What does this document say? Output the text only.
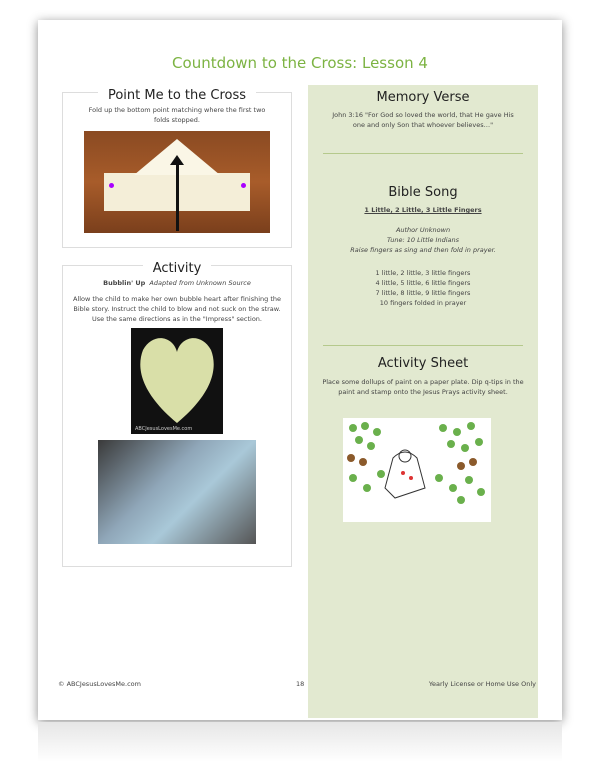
Countdown to the Cross: Lesson 4
Point Me to the Cross
Fold up the bottom point matching where the first two folds stopped.
Activity
Bubblin' Up Adapted from Unknown Source
Allow the child to make her own bubble heart after finishing the Bible story. Instruct the child to blow and not suck on the straw. Use the same directions as in the "Impress" section.
ABCJesusLovesMe.com
Memory Verse
John 3:16 "For God so loved the world, that He gave His one and only Son that whoever believes…"
Bible Song
1 Little, 2 Little, 3 Little Fingers
Author Unknown
Tune: 10 Little Indians
Raise fingers as sing and then fold in prayer.
1 little, 2 little, 3 little fingers
4 little, 5 little, 6 little fingers
7 little, 8 little, 9 little fingers
10 fingers folded in prayer
Activity Sheet
Place some dollups of paint on a paper plate. Dip q-tips in the paint and stamp onto the Jesus Prays activity sheet.
© ABCJesusLovesMe.com	18	Yearly License or Home Use Only
